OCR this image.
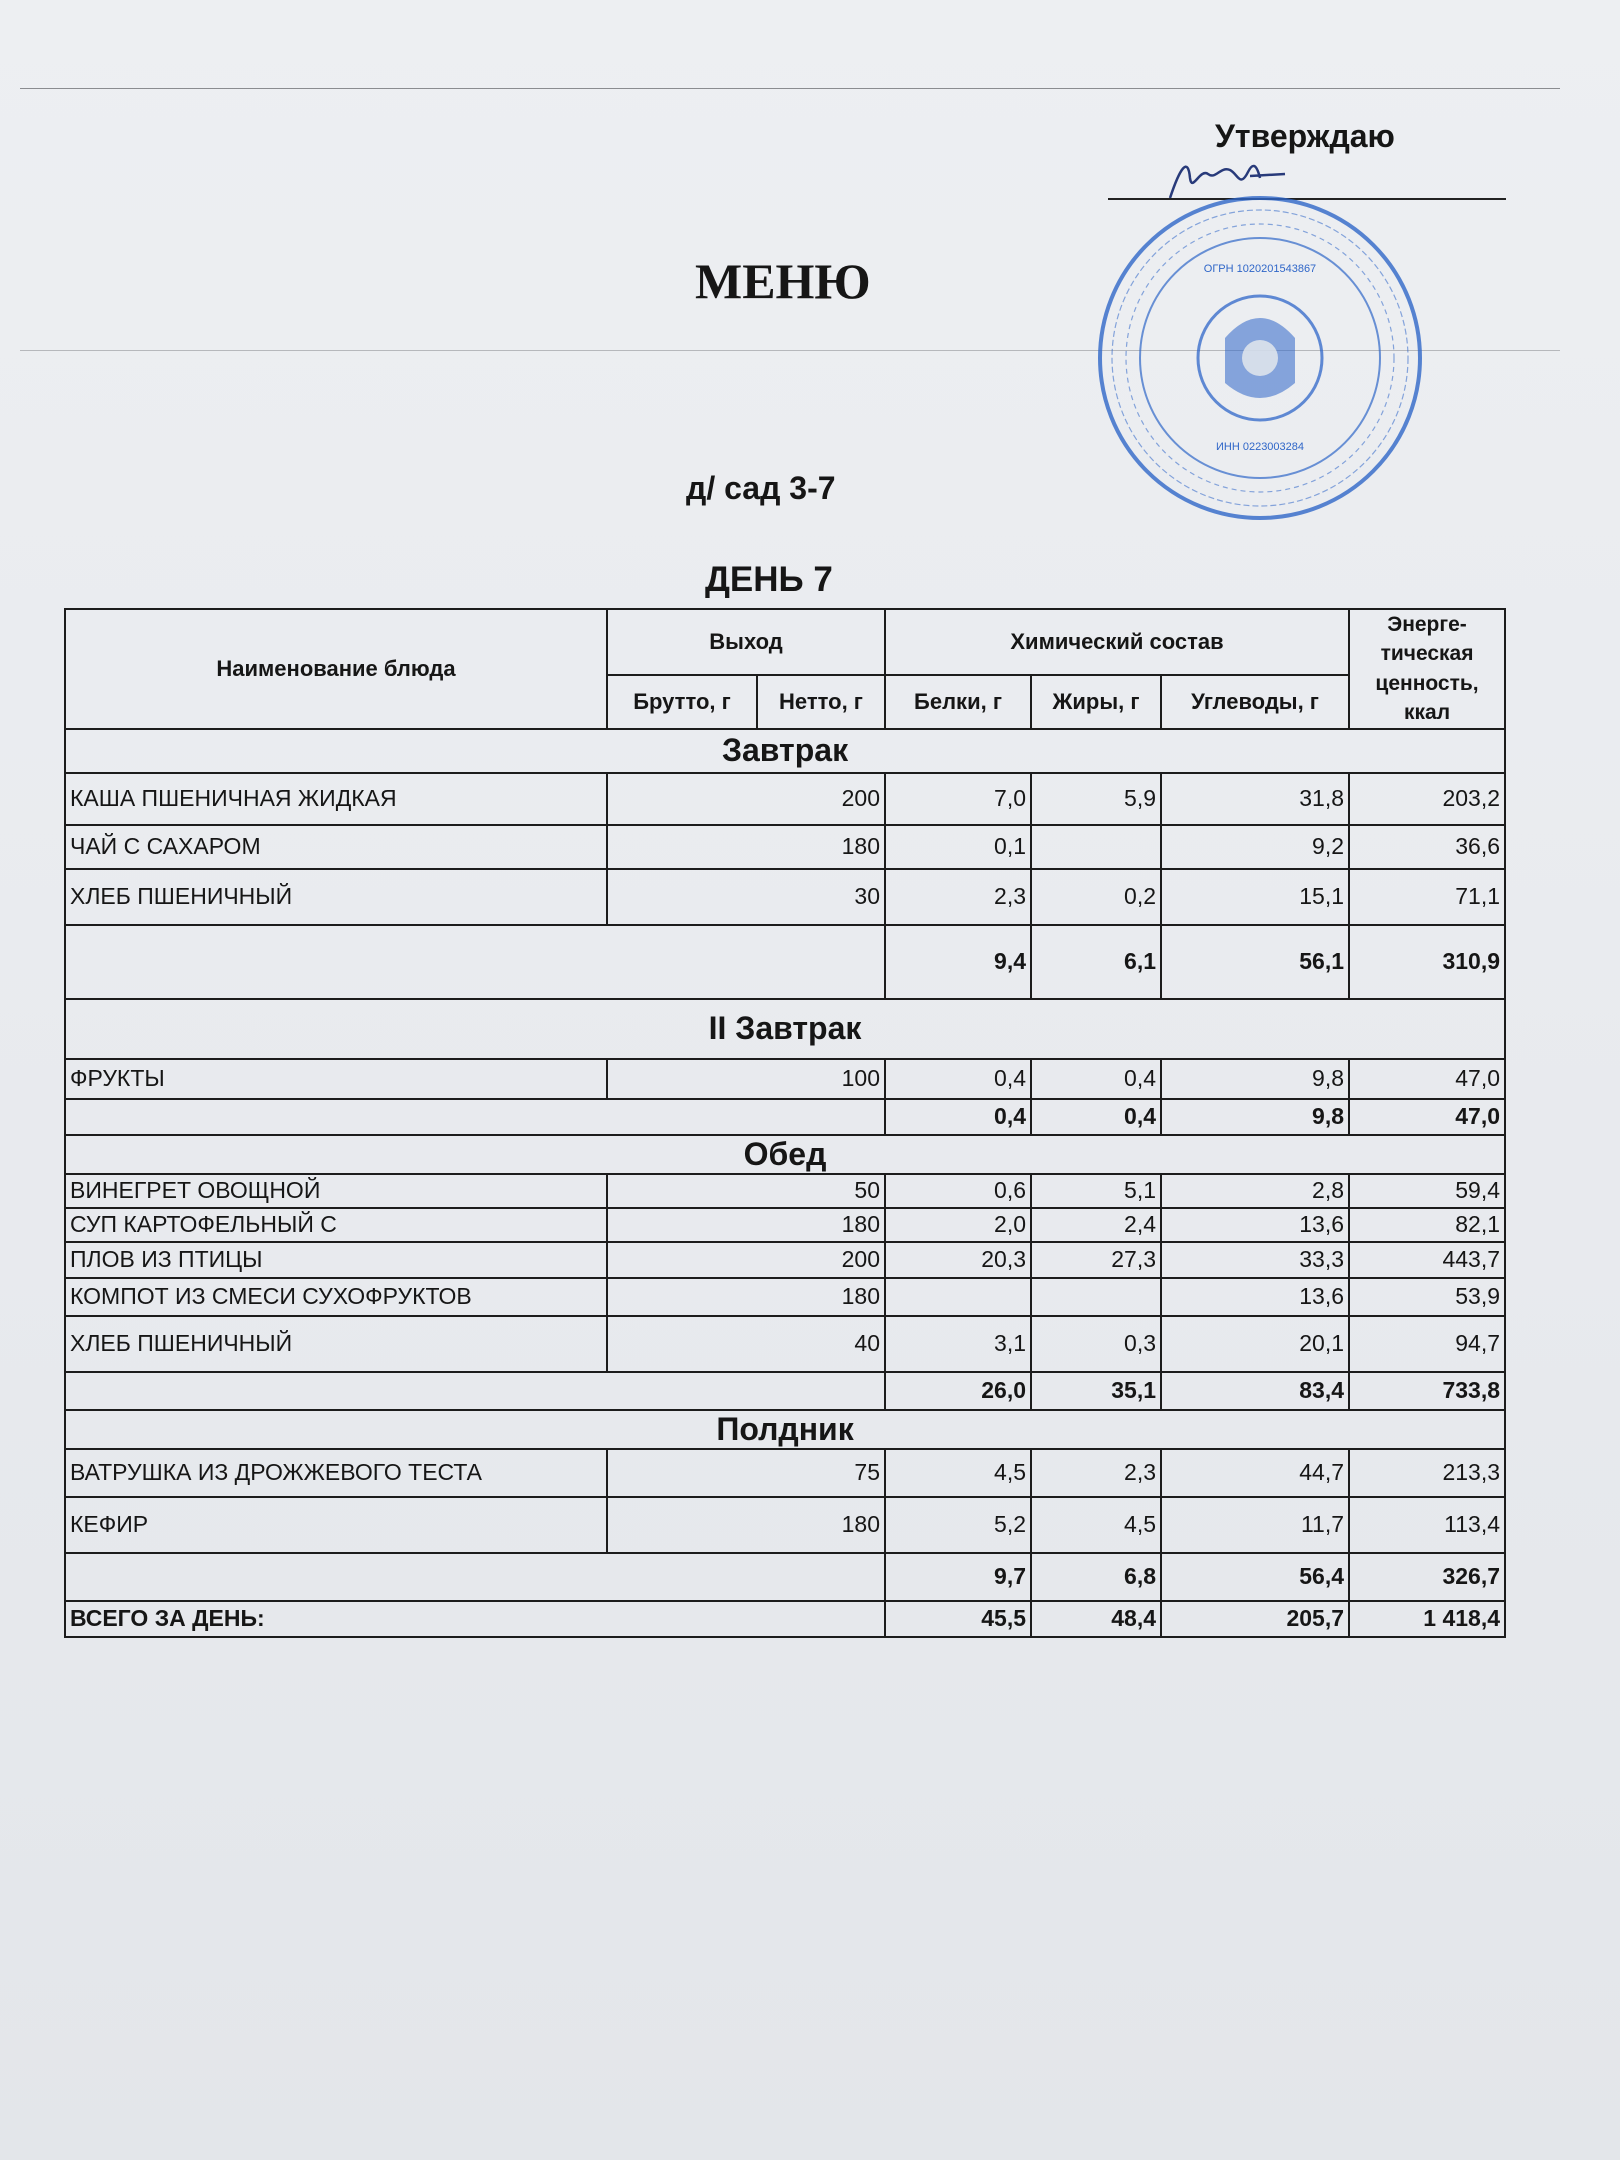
Утверждаю
ОГРН 1020201543867
ИНН 0223003284
МЕНЮ
д/ сад 3-7
ДЕНЬ 7
Наименование блюда	Выход		Химический состав			Энерге-тическая ценность, ккал
	Брутто, г	Нетто, г	Белки, г	Жиры, г	Углеводы, г	
Завтрак						
КАША ПШЕНИЧНАЯ ЖИДКАЯ	200		7,0	5,9	31,8	203,2
ЧАЙ С САХАРОМ	180		0,1		9,2	36,6
ХЛЕБ ПШЕНИЧНЫЙ	30		2,3	0,2	15,1	71,1
			9,4	6,1	56,1	310,9
II Завтрак						
ФРУКТЫ	100		0,4	0,4	9,8	47,0
			0,4	0,4	9,8	47,0
Обед						
ВИНЕГРЕТ ОВОЩНОЙ	50		0,6	5,1	2,8	59,4
СУП КАРТОФЕЛЬНЫЙ С	180		2,0	2,4	13,6	82,1
ПЛОВ ИЗ ПТИЦЫ	200		20,3	27,3	33,3	443,7
КОМПОТ ИЗ СМЕСИ СУХОФРУКТОВ	180				13,6	53,9
ХЛЕБ ПШЕНИЧНЫЙ	40		3,1	0,3	20,1	94,7
			26,0	35,1	83,4	733,8
Полдник						
ВАТРУШКА ИЗ ДРОЖЖЕВОГО ТЕСТА	75		4,5	2,3	44,7	213,3
КЕФИР	180		5,2	4,5	11,7	113,4
			9,7	6,8	56,4	326,7
ВСЕГО ЗА ДЕНЬ:			45,5	48,4	205,7	1 418,4
